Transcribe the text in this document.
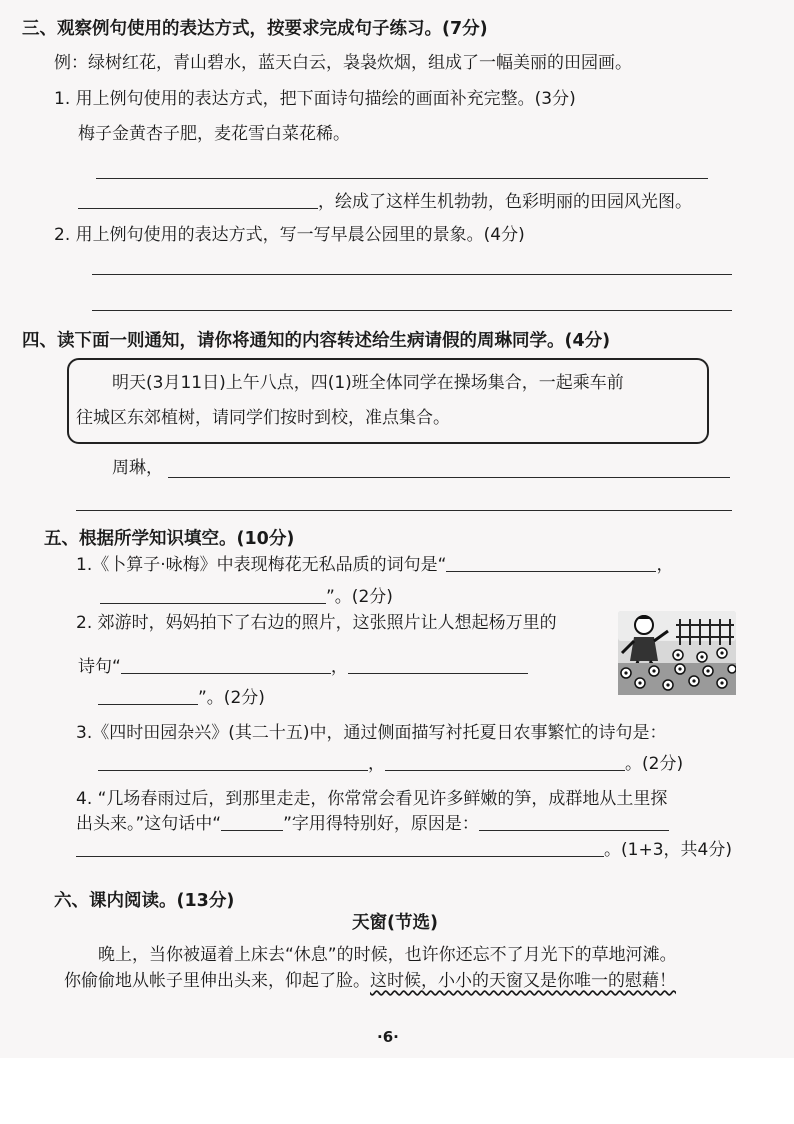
三、观察例句使用的表达方式，按要求完成句子练习。(7分)
例：绿树红花，青山碧水，蓝天白云，袅袅炊烟，组成了一幅美丽的田园画。
1. 用上例句使用的表达方式，把下面诗句描绘的画面补充完整。(3分)
梅子金黄杏子肥，麦花雪白菜花稀。
，绘成了这样生机勃勃，色彩明丽的田园风光图。
2. 用上例句使用的表达方式，写一写早晨公园里的景象。(4分)
四、读下面一则通知，请你将通知的内容转述给生病请假的周琳同学。(4分)
明天(3月11日)上午八点，四(1)班全体同学在操场集合，一起乘车前
往城区东郊植树，请同学们按时到校，准点集合。
周琳，
五、根据所学知识填空。(10分)
1.《卜算子·咏梅》中表现梅花无私品质的词句是“	，
”。(2分)
2. 郊游时，妈妈拍下了右边的照片，这张照片让人想起杨万里的
诗句“	，
”。(2分)
3.《四时田园杂兴》(其二十五)中，通过侧面描写衬托夏日农事繁忙的诗句是：
，	。(2分)
4. “几场春雨过后，到那里走走，你常常会看见许多鲜嫩的笋，成群地从土里探
出头来。”这句话中“	”字用得特别好，原因是：
。(1+3，共4分)
六、课内阅读。(13分)
天窗(节选)
晚上，当你被逼着上床去“休息”的时候，也许你还忘不了月光下的草地河滩。
你偷偷地从帐子里伸出头来，仰起了脸。这时候，小小的天窗又是你唯一的慰藉！
·6·
